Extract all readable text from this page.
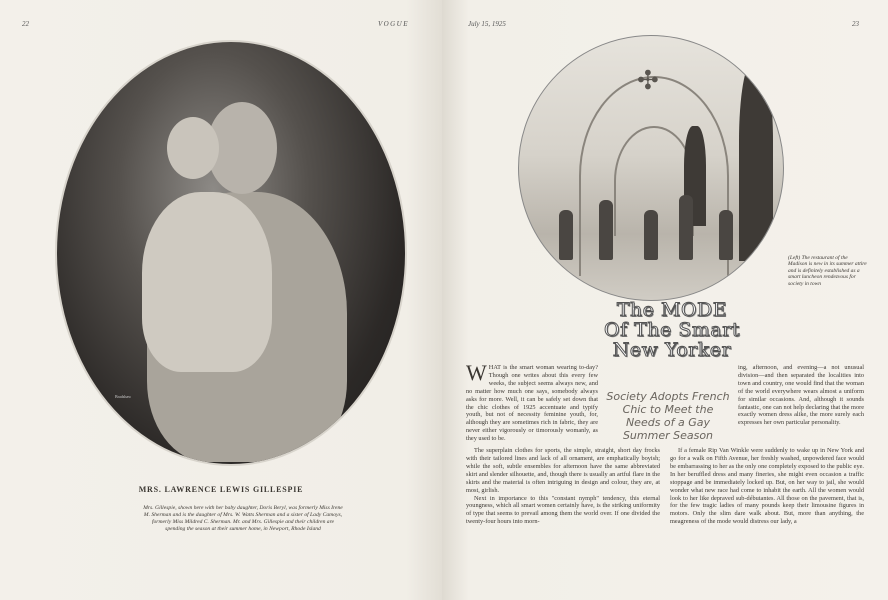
22	VOGUE
Bradshaw
MRS. LAWRENCE LEWIS GILLESPIE
Mrs. Gillespie, shown here with her baby daughter, Doris Beryl, was formerly Miss Irene M. Sherman and is the daughter of Mrs. W. Watts Sherman and a sister of Lady Camoys, formerly Miss Mildred C. Sherman. Mr. and Mrs. Gillespie and their children are spending the season at their summer home, in Newport, Rhode Island
July 15, 1925	23
✣
(Left) The restaurant of the Madison is new in its summer attire and is definitely established as a smart luncheon rendezvous for society in town
The MODE
Of The Smart
New Yorker
WHAT is the smart woman wearing to-day? Though one writes about this every few weeks, the subject seems always new, and no matter how much one says, somebody always asks for more. Well, it can be safely set down that the chic clothes of 1925 accentuate and typify youth, but not of necessity feminine youth, for, although they are sometimes rich in fabric, they are never either vigorously or timorously womanly, as they used to be.
Society Adopts French Chic to Meet the Needs of a Gay Summer Season
ing, afternoon, and evening—a not unusual division—and then separated the localities into town and country, one would find that the woman of the world everywhere wears almost a uniform for similar occasions. And, although it sounds fantastic, one can not help declaring that the more exactly women dress alike, the more surely each expresses her own particular personality.

The superplain clothes for sports, the simple, straight, short day frocks with their tailored lines and lack of all ornament, are emphatically boyish; while the soft, subtle ensembles for afternoon have the same abbreviated skirt and slender silhouette, and, though there is usually an artful flare in the skirts and the material is often intriguing in design and colour, they are, at most, girlish.

Next in importance to this "constant nymph" tendency, this eternal youngness, which all smart women certainly have, is the striking uniformity of type that seems to prevail among them the world over. If one divided the twenty-four hours into morn-

If a female Rip Van Winkle were suddenly to wake up in New York and go for a walk on Fifth Avenue, her freshly washed, unpowdered face would be embarrassing to her as the only one completely exposed to the public eye. In her beruffled dress and many fineries, she might even occasion a traffic stoppage and be immediately locked up. But, on her way to jail, she would wonder what new race had come to inhabit the earth. All the women would look to her like depraved sub-débutantes. All those on the pavement, that is, for the few tragic ladies of many pounds keep their limousine figures in motors. Only the slim dare walk about. But, more than anything, the meagreness of the mode would distress our lady, a
